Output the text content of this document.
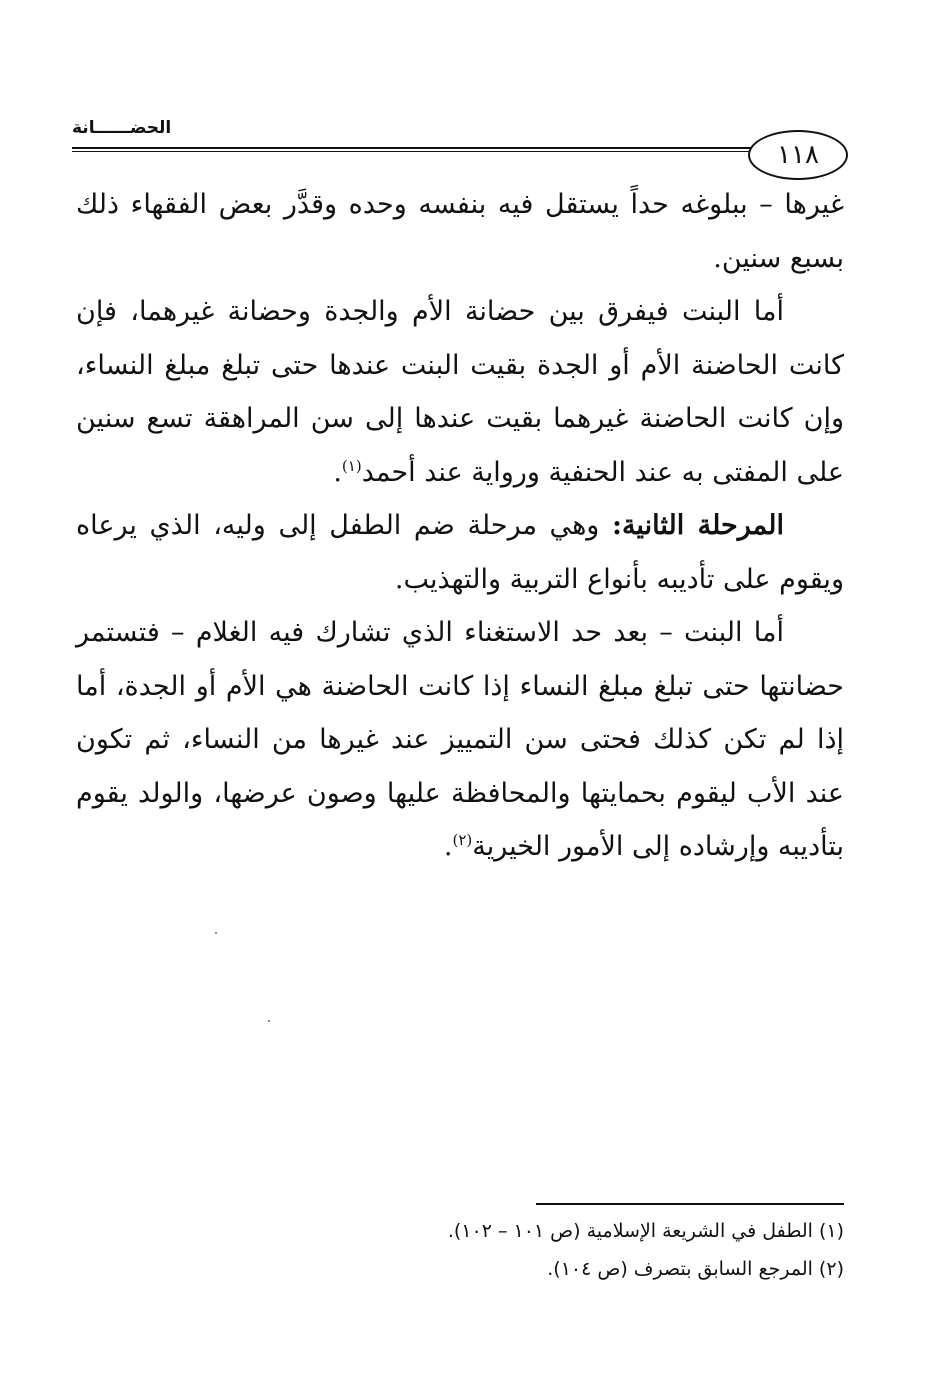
الحضــــــانة
١١٨

غيرها – ببلوغه حداً يستقل فيه بنفسه وحده وقدَّر بعض الفقهاء ذلك بسبع سنين.

أما البنت فيفرق بين حضانة الأم والجدة وحضانة غيرهما، فإن كانت الحاضنة الأم أو الجدة بقيت البنت عندها حتى تبلغ مبلغ النساء، وإن كانت الحاضنة غيرهما بقيت عندها إلى سن المراهقة تسع سنين على المفتى به عند الحنفية ورواية عند أحمد$^{(١)}$.

المرحلة الثانية: وهي مرحلة ضم الطفل إلى وليه، الذي يرعاه ويقوم على تأديبه بأنواع التربية والتهذيب.

أما البنت – بعد حد الاستغناء الذي تشارك فيه الغلام – فتستمر حضانتها حتى تبلغ مبلغ النساء إذا كانت الحاضنة هي الأم أو الجدة، أما إذا لم تكن كذلك فحتى سن التمييز عند غيرها من النساء، ثم تكون عند الأب ليقوم بحمايتها والمحافظة عليها وصون عرضها، والولد يقوم بتأديبه وإرشاده إلى الأمور الخيرية$^{(٢)}$.

(١) الطفل في الشريعة الإسلامية (ص ١٠١ – ١٠٢).
(٢) المرجع السابق بتصرف (ص ١٠٤).
